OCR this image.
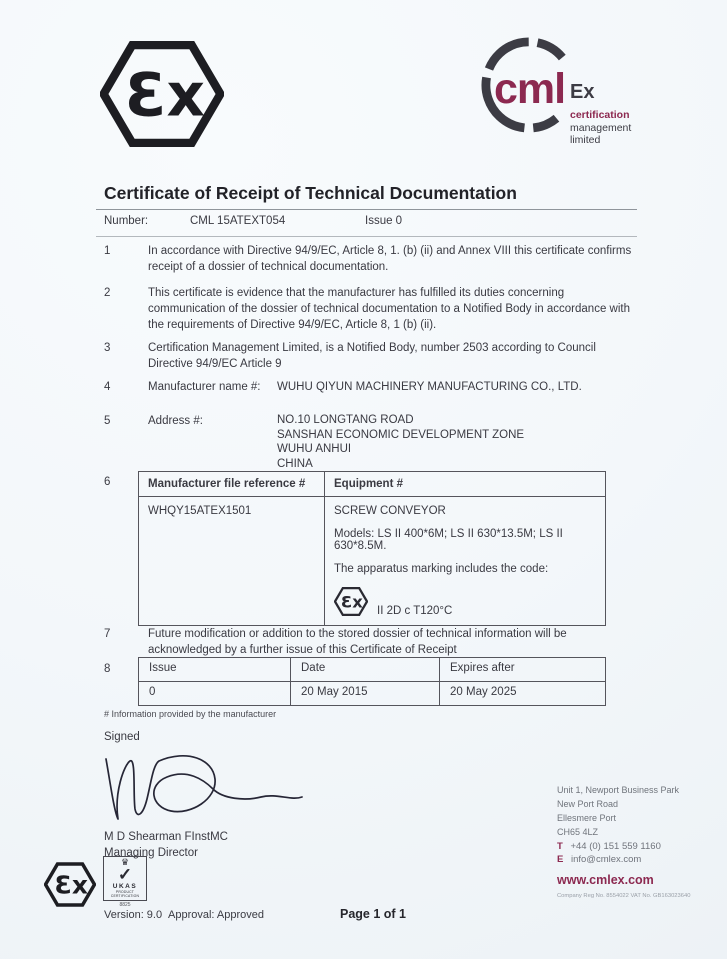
Ɛx	cml Ex
certification
management
limited
Certificate of Receipt of Technical Documentation
Number:	CML 15ATEXT054	Issue 0
1	In accordance with Directive 94/9/EC, Article 8, 1. (b) (ii) and Annex VIII this certificate confirms receipt of a dossier of technical documentation.
2	This certificate is evidence that the manufacturer has fulfilled its duties concerning communication of the dossier of technical documentation to a Notified Body in accordance with the requirements of Directive 94/9/EC, Article 8, 1 (b) (ii).
3	Certification Management Limited, is a Notified Body, number 2503 according to Council Directive 94/9/EC Article 9
4	Manufacturer name #:	WUHU QIYUN MACHINERY MANUFACTURING CO., LTD.
5	Address #:	NO.10 LONGTANG ROAD
SANSHAN ECONOMIC DEVELOPMENT ZONE
WUHU ANHUI
CHINA
6	Manufacturer file reference #	Equipment #
WHQY15ATEX1501	SCREW CONVEYOR

Models: LS II 400*6M; LS II 630*13.5M; LS II 630*8.5M.

The apparatus marking includes the code:

Ɛx II 2D c T120°C
7	Future modification or addition to the stored dossier of technical information will be acknowledged by a further issue of this Certificate of Receipt
8	Issue	Date	Expires after
0	20 May 2015	20 May 2025
# Information provided by the manufacturer
Signed
M D Shearman FInstMC
Managing Director
Ɛx
♛
✓
UKAS
PRODUCT CERTIFICATION
8825
Version: 9.0 Approval: Approved	Page 1 of 1
Unit 1, Newport Business Park
New Port Road
Ellesmere Port
CH65 4LZ
T +44 (0) 151 559 1160
E info@cmlex.com
www.cmlex.com
Company Reg No. 8554022 VAT No. GB163023640
